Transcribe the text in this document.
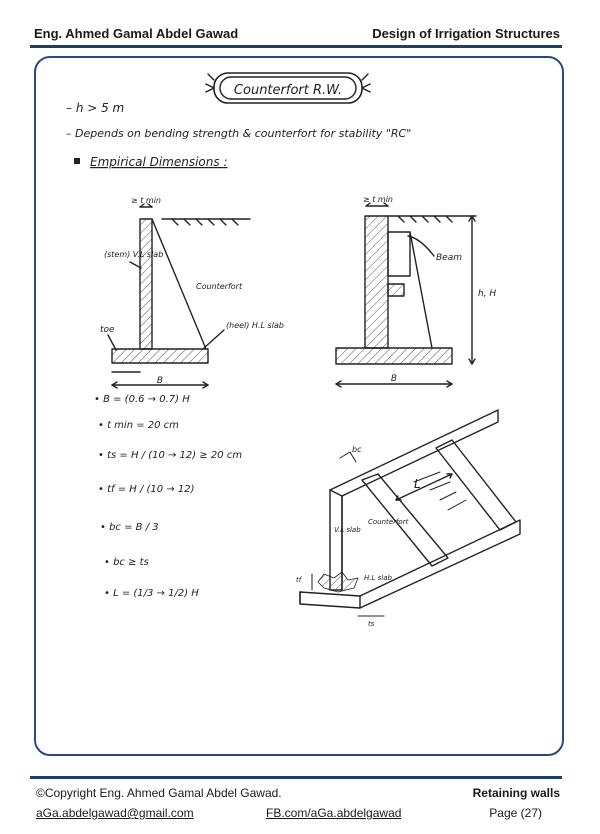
Eng. Ahmed Gamal Abdel Gawad	Design of Irrigation Structures
Counterfort R.W.
– h > 5 m
– Depends on bending strength & counterfort for stability "RC"
Empirical Dimensions :
≥ t min
(stem) V.L slab
Counterfort
(heel) H.L slab
toe
B
≥ t min
Beam
h, H
B
bc
L
V.L slab
Counterfort
H.L slab
tf
ts
• B = (0.6 → 0.7) H
• t min = 20 cm
• ts = H / (10 → 12) ≥ 20 cm
• tf = H / (10 → 12)
• bc = B / 3
• bc ≥ ts
• L = (1/3 → 1/2) H
©Copyright Eng. Ahmed Gamal Abdel Gawad.
aGa.abdelgawad@gmail.com	FB.com/aGa.abdelgawad
Retaining walls
Page (27)
